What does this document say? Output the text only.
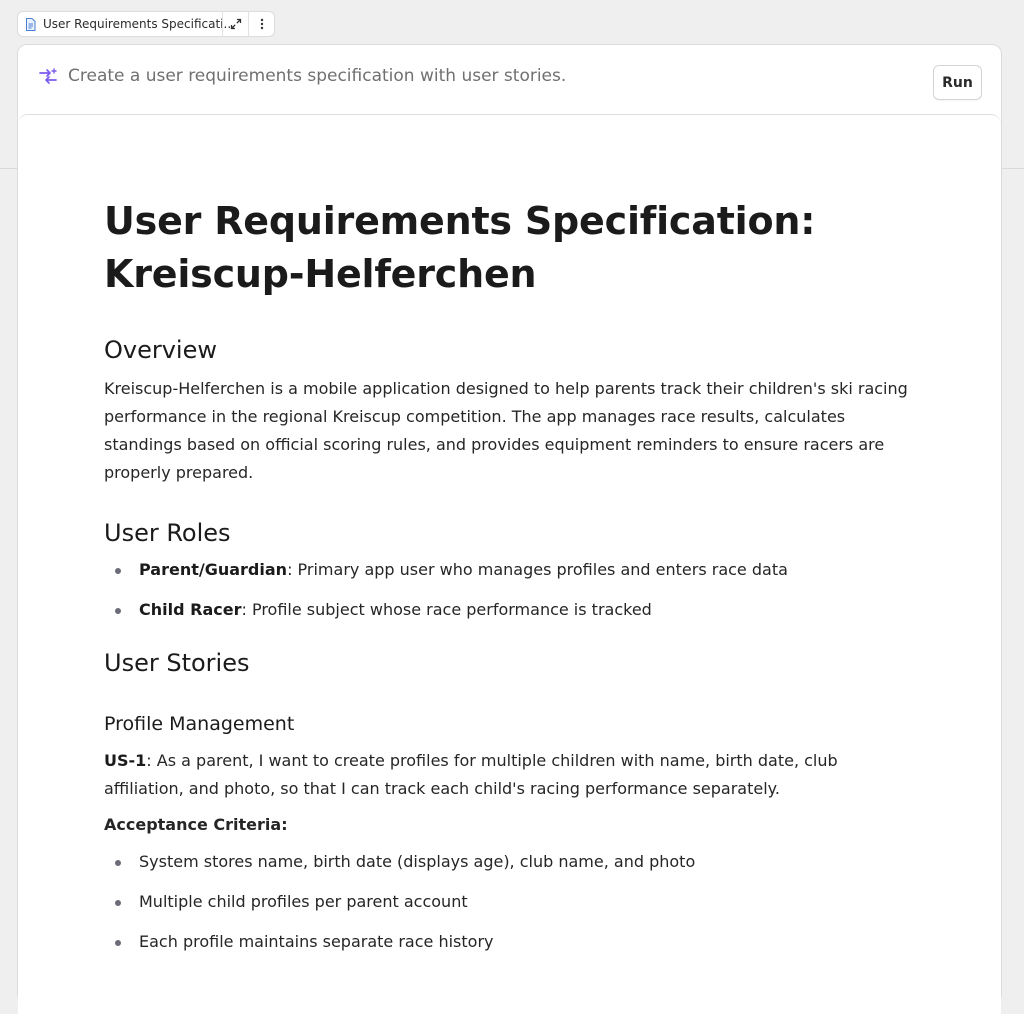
User Requirements Specificati...
Create a user requirements specification with user stories.	Run
User Requirements Specification: Kreiscup-Helferchen
Overview

Kreiscup-Helferchen is a mobile application designed to help parents track their children's ski racing performance in the regional Kreiscup competition. The app manages race results, calculates standings based on official scoring rules, and provides equipment reminders to ensure racers are properly prepared.

User Roles
Parent/Guardian: Primary app user who manages profiles and enters race data
Child Racer: Profile subject whose race performance is tracked
User Stories
Profile Management

US-1: As a parent, I want to create profiles for multiple children with name, birth date, club affiliation, and photo, so that I can track each child's racing performance separately.

Acceptance Criteria:

System stores name, birth date (displays age), club name, and photo
Multiple child profiles per parent account
Each profile maintains separate race history
